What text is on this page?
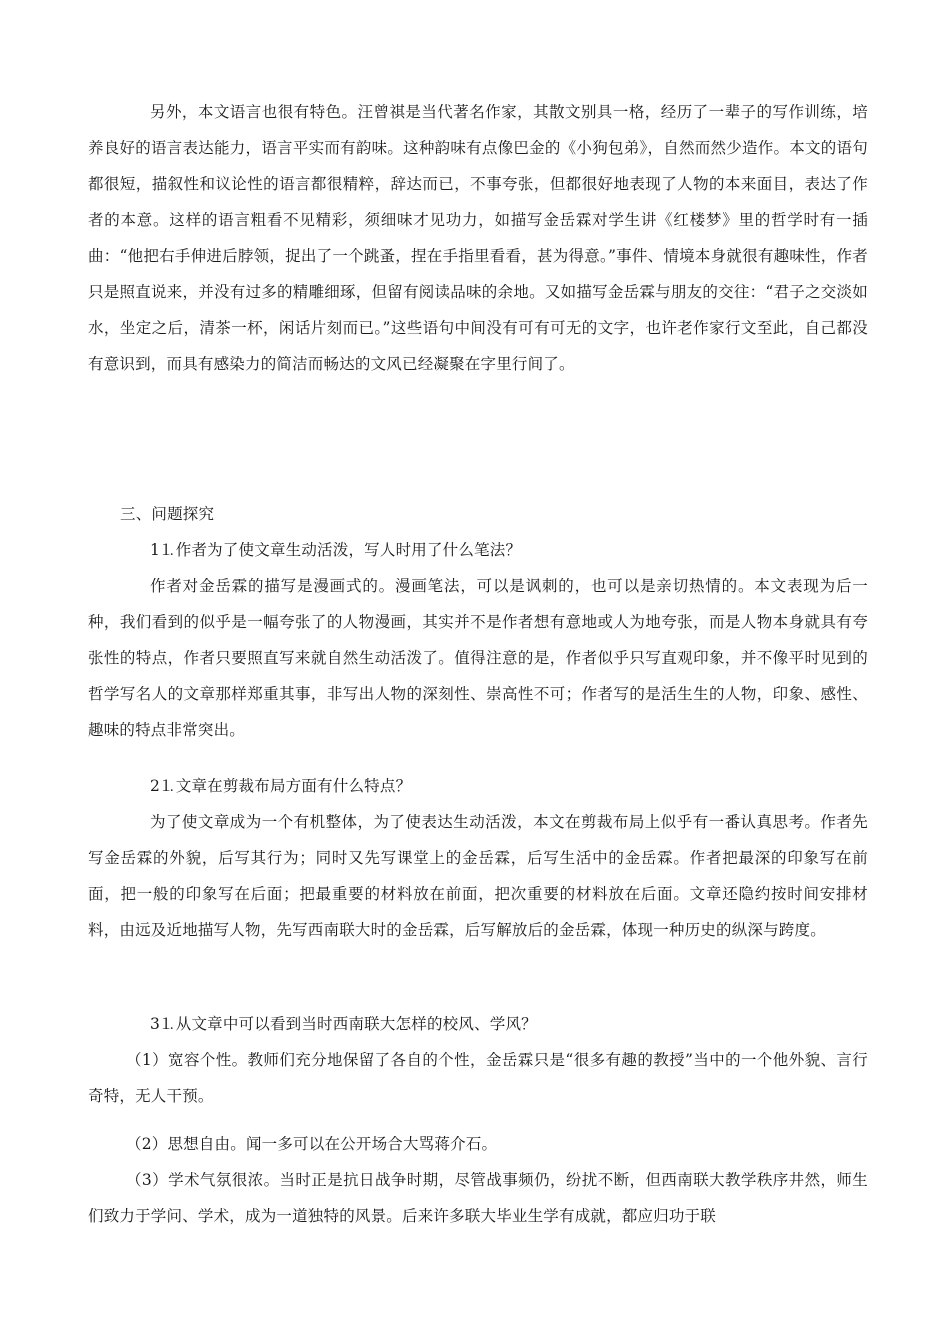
另外，本文语言也很有特色。汪曾祺是当代著名作家，其散文别具一格，经历了一辈子的写作训练，培养良好的语言表达能力，语言平实而有韵味。这种韵味有点像巴金的《小狗包弟》，自然而然少造作。本文的语句都很短，描叙性和议论性的语言都很精粹，辞达而已，不事夸张，但都很好地表现了人物的本来面目，表达了作者的本意。这样的语言粗看不见精彩，须细味才见功力，如描写金岳霖对学生讲《红楼梦》里的哲学时有一插曲：“他把右手伸进后脖领，捉出了一个跳蚤，捏在手指里看看，甚为得意。”事件、情境本身就很有趣味性，作者只是照直说来，并没有过多的精雕细琢，但留有阅读品味的余地。又如描写金岳霖与朋友的交往：“君子之交淡如水，坐定之后，清茶一杯，闲话片刻而已。”这些语句中间没有可有可无的文字，也许老作家行文至此，自己都没有意识到，而具有感染力的简洁而畅达的文风已经凝聚在字里行间了。

三、问题探究

1⒈作者为了使文章生动活泼，写人时用了什么笔法？

作者对金岳霖的描写是漫画式的。漫画笔法，可以是讽刺的，也可以是亲切热情的。本文表现为后一种，我们看到的似乎是一幅夸张了的人物漫画，其实并不是作者想有意地或人为地夸张，而是人物本身就具有夸张性的特点，作者只要照直写来就自然生动活泼了。值得注意的是，作者似乎只写直观印象，并不像平时见到的哲学写名人的文章那样郑重其事，非写出人物的深刻性、崇高性不可；作者写的是活生生的人物，印象、感性、趣味的特点非常突出。

2⒈文章在剪裁布局方面有什么特点？

为了使文章成为一个有机整体，为了使表达生动活泼，本文在剪裁布局上似乎有一番认真思考。作者先写金岳霖的外貌，后写其行为；同时又先写课堂上的金岳霖，后写生活中的金岳霖。作者把最深的印象写在前面，把一般的印象写在后面；把最重要的材料放在前面，把次重要的材料放在后面。文章还隐约按时间安排材料，由远及近地描写人物，先写西南联大时的金岳霖，后写解放后的金岳霖，体现一种历史的纵深与跨度。

3⒈从文章中可以看到当时西南联大怎样的校风、学风？

（1）宽容个性。教师们充分地保留了各自的个性，金岳霖只是“很多有趣的教授”当中的一个他外貌、言行奇特，无人干预。

（2）思想自由。闻一多可以在公开场合大骂蒋介石。

（3）学术气氛很浓。当时正是抗日战争时期，尽管战事频仍，纷扰不断，但西南联大教学秩序井然，师生们致力于学问、学术，成为一道独特的风景。后来许多联大毕业生学有成就，都应归功于联
